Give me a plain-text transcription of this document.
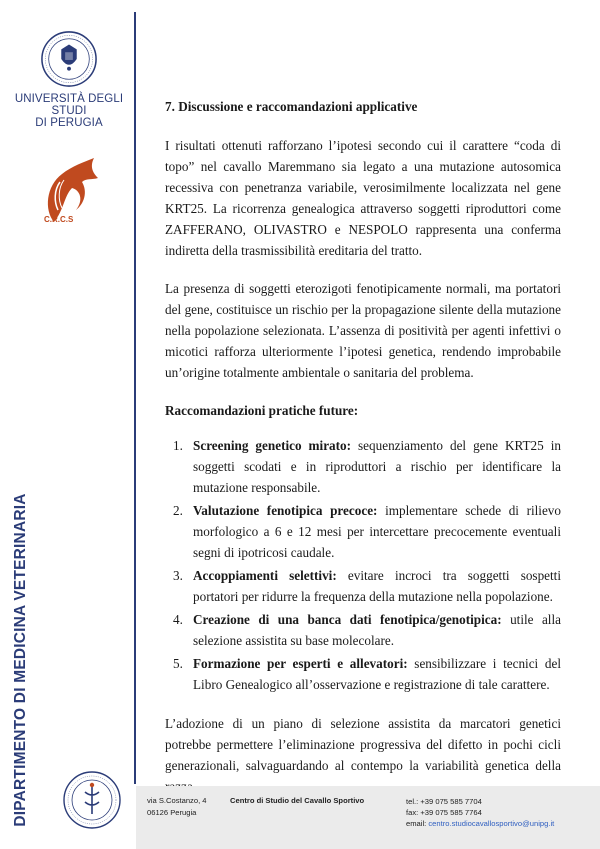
UNIVERSITÀ DEGLI STUDI
DI PERUGIA
C.R.C.S
DIPARTIMENTO DI MEDICINA VETERINARIA
7. Discussione e raccomandazioni applicative

I risultati ottenuti rafforzano l’ipotesi secondo cui il carattere “coda di topo” nel cavallo Maremmano sia legato a una mutazione autosomica recessiva con penetranza variabile, verosimilmente localizzata nel gene KRT25. La ricorrenza genealogica attraverso soggetti riproduttori come ZAFFERANO, OLIVASTRO e NESPOLO rappresenta una conferma indiretta della trasmissibilità ereditaria del tratto.

La presenza di soggetti eterozigoti fenotipicamente normali, ma portatori del gene, costituisce un rischio per la propagazione silente della mutazione nella popolazione selezionata. L’assenza di positività per agenti infettivi o micotici rafforza ulteriormente l’ipotesi genetica, rendendo improbabile un’origine totalmente ambientale o sanitaria del problema.

Raccomandazioni pratiche future:
1. Screening genetico mirato: sequenziamento del gene KRT25 in soggetti scodati e in riproduttori a rischio per identificare la mutazione responsabile.
2. Valutazione fenotipica precoce: implementare schede di rilievo morfologico a 6 e 12 mesi per intercettare precocemente eventuali segni di ipotricosi caudale.
3. Accoppiamenti selettivi: evitare incroci tra soggetti sospetti portatori per ridurre la frequenza della mutazione nella popolazione.
4. Creazione di una banca dati fenotipica/genotipica: utile alla selezione assistita su base molecolare.
5. Formazione per esperti e allevatori: sensibilizzare i tecnici del Libro Genealogico all’osservazione e registrazione di tale carattere.

L’adozione di un piano di selezione assistita da marcatori genetici potrebbe permettere l’eliminazione progressiva del difetto in pochi cicli generazionali, salvaguardando al contempo la variabilità genetica della

via S.Costanzo, 4
06126 Perugia
Centro di Studio del Cavallo Sportivo	tel.: +39 075 585 7704
fax: +39 075 585 7764
email: centro.studiocavallosportivo@unipg.it
